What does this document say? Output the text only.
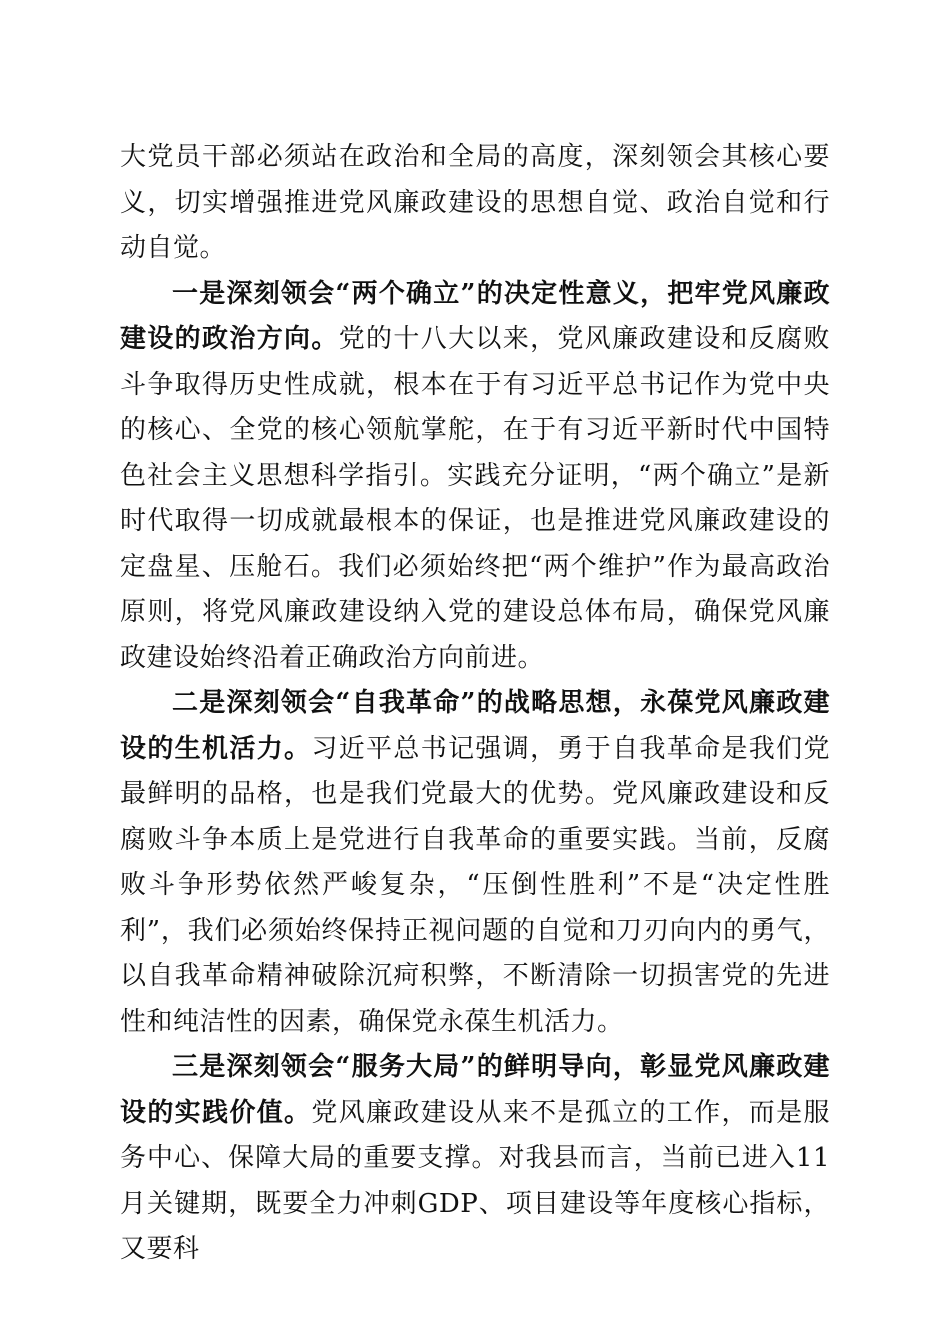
大党员干部必须站在政治和全局的高度，深刻领会其核心要义，切实增强推进党风廉政建设的思想自觉、政治自觉和行动自觉。

一是深刻领会“两个确立”的决定性意义，把牢党风廉政建设的政治方向。党的十八大以来，党风廉政建设和反腐败斗争取得历史性成就，根本在于有习近平总书记作为党中央的核心、全党的核心领航掌舵，在于有习近平新时代中国特色社会主义思想科学指引。实践充分证明，“两个确立”是新时代取得一切成就最根本的保证，也是推进党风廉政建设的定盘星、压舱石。我们必须始终把“两个维护”作为最高政治原则，将党风廉政建设纳入党的建设总体布局，确保党风廉政建设始终沿着正确政治方向前进。

二是深刻领会“自我革命”的战略思想，永葆党风廉政建设的生机活力。习近平总书记强调，勇于自我革命是我们党最鲜明的品格，也是我们党最大的优势。党风廉政建设和反腐败斗争本质上是党进行自我革命的重要实践。当前，反腐败斗争形势依然严峻复杂，“压倒性胜利”不是“决定性胜利”，我们必须始终保持正视问题的自觉和刀刃向内的勇气，以自我革命精神破除沉疴积弊，不断清除一切损害党的先进性和纯洁性的因素，确保党永葆生机活力。

三是深刻领会“服务大局”的鲜明导向，彰显党风廉政建设的实践价值。党风廉政建设从来不是孤立的工作，而是服务中心、保障大局的重要支撑。对我县而言，当前已进入11月关键期，既要全力冲刺GDP、项目建设等年度核心指标，又要科
